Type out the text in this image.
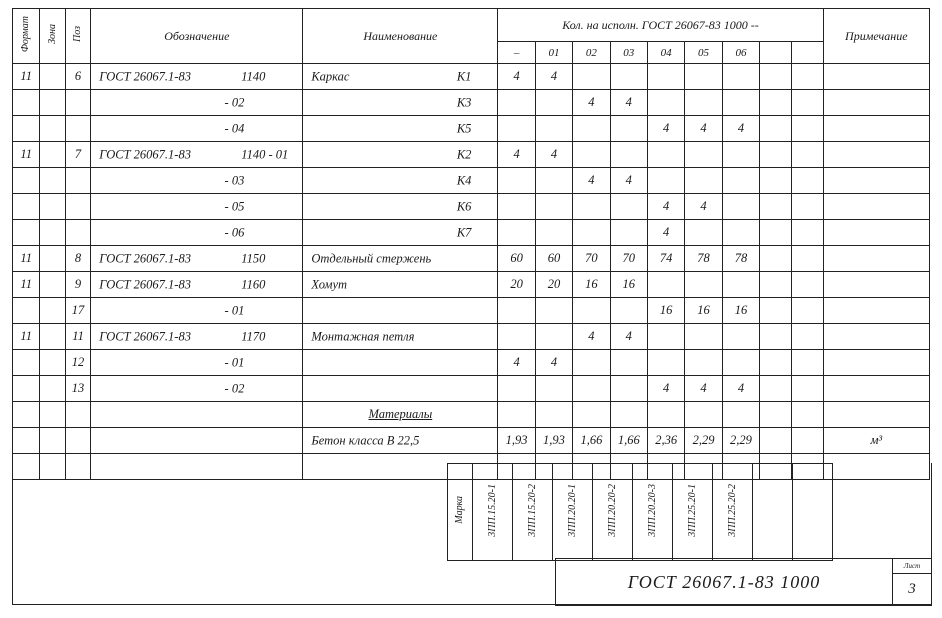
Формат	Зона	Поз	Обозначение	Наименование	Кол. на исполн. ГОСТ 26067-83 1000 --									Примечание
					–	01	02	03	04	05	06			
11		6	ГОСТ 26067.1-83 1140	Каркас К1	4	4								

			- 02	К3			4	4						

			- 04	К5					4	4	4			
11		7	ГОСТ 26067.1-83 1140 - 01	К2	4	4								

			- 03	К4			4	4						

			- 05	К6					4	4				

			- 06	К7					4					
11		8	ГОСТ 26067.1-83 1150	Отдельный стержень	60	60	70	70	74	78	78			
11		9	ГОСТ 26067.1-83 1160	Хомут	20	20	16	16						
		17	- 01						16	16	16			
11		11	ГОСТ 26067.1-83 1170	Монтажная петля			4	4						
		12	- 01		4	4								
		13	- 02						4	4	4			
				Материалы										

				Бетон класса В 22,5	1,93	1,93	1,66	1,66	2,36	2,29	2,29			м³

Марка	3ПП.15.20-1	3ПП.15.20-2	3ПП.20.20-1	3ПП.20.20-2	3ПП.20.20-3	3ПП.25.20-1	3ПП.25.20-2		
ГОСТ 26067.1-83 1000
Лист
3
